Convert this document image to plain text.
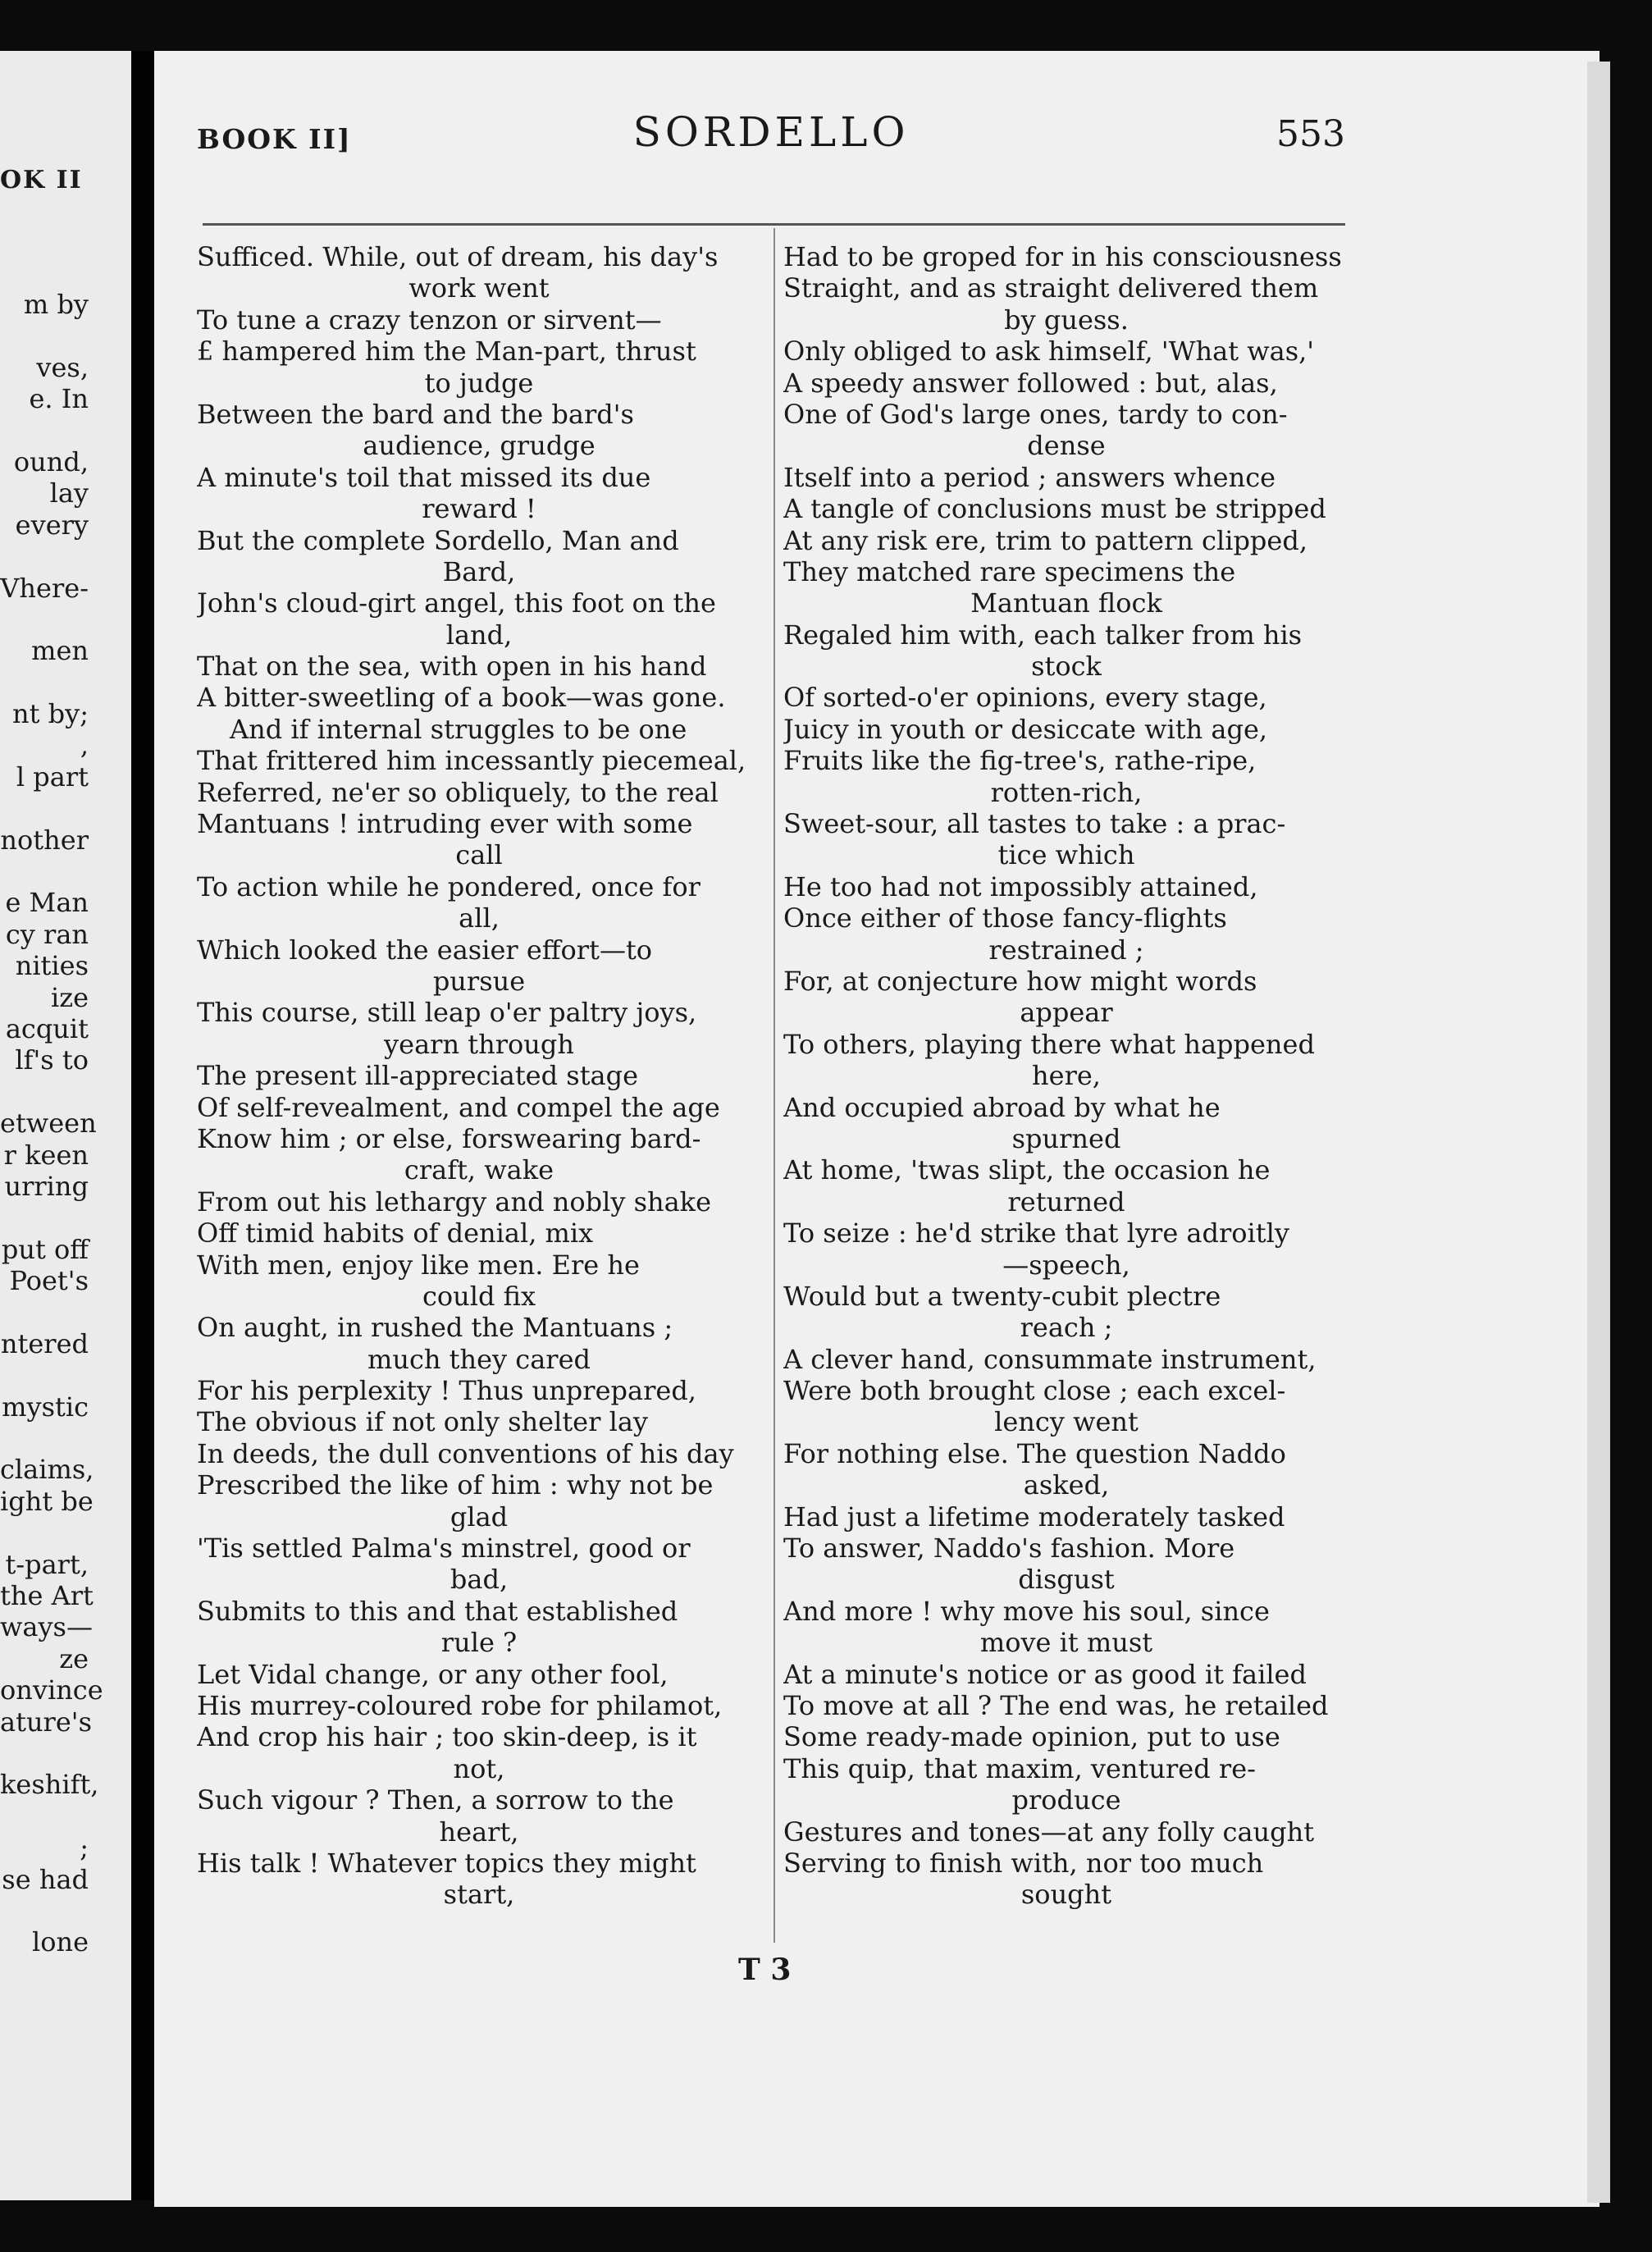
OK II
m by
ves,
e. In
ound,
lay
every
Vhere-
men
nt by;
,
l part
nother
e Man
cy ran
nities
ize
acquit
lf's to
etween
r keen
urring
put off
Poet's
ntered
mystic
claims,
ight be
t-part,
the Art
ways—
ze
onvince
ature's
keshift,
;
se had
lone
BOOK II]	SORDELLO	553
Sufficed. While, out of dream, his day's
work went
To tune a crazy tenzon or sirvent—
£ hampered him the Man-part, thrust
to judge
Between the bard and the bard's
audience, grudge
A minute's toil that missed its due
reward !
But the complete Sordello, Man and
Bard,
John's cloud-girt angel, this foot on the
land,
That on the sea, with open in his hand
A bitter-sweetling of a book—was gone.
And if internal struggles to be one
That frittered him incessantly piecemeal,
Referred, ne'er so obliquely, to the real
Mantuans ! intruding ever with some
call
To action while he pondered, once for
all,
Which looked the easier effort—to
pursue
This course, still leap o'er paltry joys,
yearn through
The present ill-appreciated stage
Of self-revealment, and compel the age
Know him ; or else, forswearing bard-
craft, wake
From out his lethargy and nobly shake
Off timid habits of denial, mix
With men, enjoy like men. Ere he
could fix
On aught, in rushed the Mantuans ;
much they cared
For his perplexity ! Thus unprepared,
The obvious if not only shelter lay
In deeds, the dull conventions of his day
Prescribed the like of him : why not be
glad
'Tis settled Palma's minstrel, good or
bad,
Submits to this and that established
rule ?
Let Vidal change, or any other fool,
His murrey-coloured robe for philamot,
And crop his hair ; too skin-deep, is it
not,
Such vigour ? Then, a sorrow to the
heart,
His talk ! Whatever topics they might
start,
Had to be groped for in his consciousness
Straight, and as straight delivered them
by guess.
Only obliged to ask himself, 'What was,'
A speedy answer followed : but, alas,
One of God's large ones, tardy to con-
dense
Itself into a period ; answers whence
A tangle of conclusions must be stripped
At any risk ere, trim to pattern clipped,
They matched rare specimens the
Mantuan flock
Regaled him with, each talker from his
stock
Of sorted-o'er opinions, every stage,
Juicy in youth or desiccate with age,
Fruits like the fig-tree's, rathe-ripe,
rotten-rich,
Sweet-sour, all tastes to take : a prac-
tice which
He too had not impossibly attained,
Once either of those fancy-flights
restrained ;
For, at conjecture how might words
appear
To others, playing there what happened
here,
And occupied abroad by what he
spurned
At home, 'twas slipt, the occasion he
returned
To seize : he'd strike that lyre adroitly
—speech,
Would but a twenty-cubit plectre
reach ;
A clever hand, consummate instrument,
Were both brought close ; each excel-
lency went
For nothing else. The question Naddo
asked,
Had just a lifetime moderately tasked
To answer, Naddo's fashion. More
disgust
And more ! why move his soul, since
move it must
At a minute's notice or as good it failed
To move at all ? The end was, he retailed
Some ready-made opinion, put to use
This quip, that maxim, ventured re-
produce
Gestures and tones—at any folly caught
Serving to finish with, nor too much
sought
T 3
